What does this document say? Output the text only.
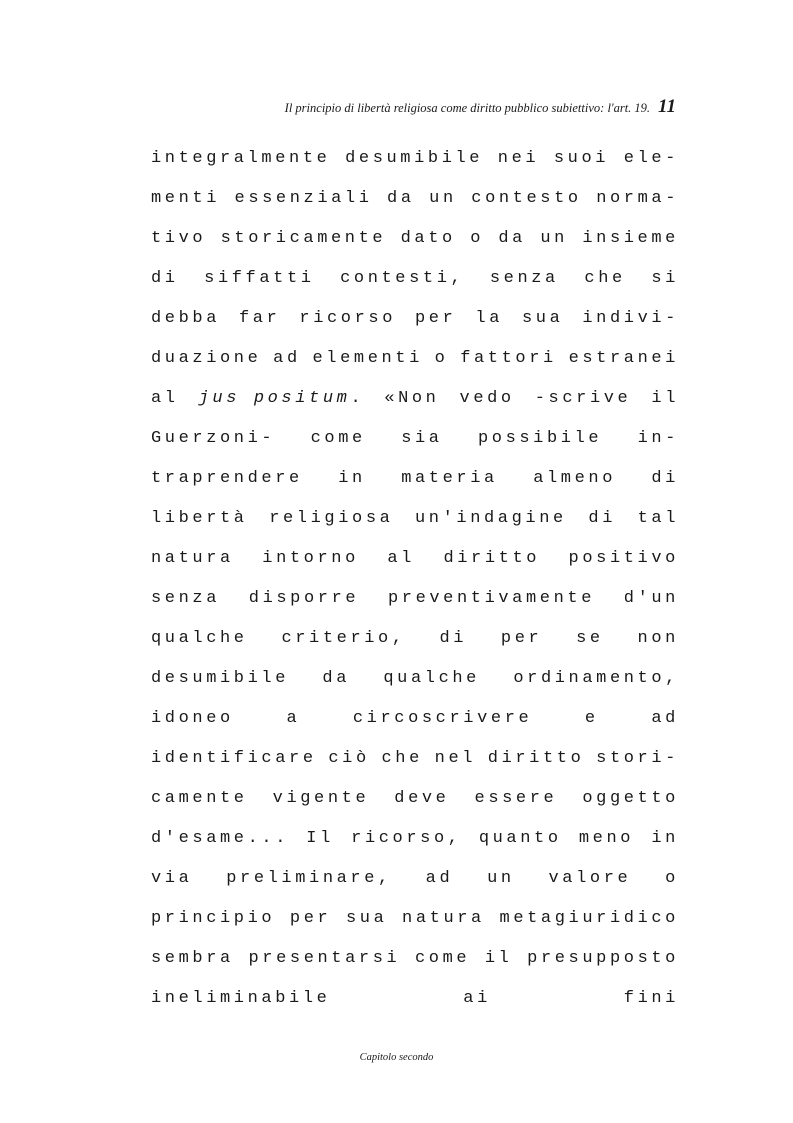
Il principio di libertà religiosa come diritto pubblico subiettivo: l'art. 19. 11
integralmente desumibile nei suoi ele-
menti essenziali da un contesto norma-
tivo storicamente dato o da un insieme
di siffatti contesti, senza che si
debba far ricorso per la sua indivi-
duazione ad elementi o fattori estranei
al jus positum. «Non vedo -scrive il
Guerzoni- come sia possibile in-
traprendere in materia almeno di
libertà religiosa un'indagine di tal
natura intorno al diritto positivo
senza disporre preventivamente d'un
qualche criterio, di per se non
desumibile da qualche ordinamento,
idoneo	a	circoscrivere	e	ad
identificare ciò che nel diritto stori-
camente vigente deve essere oggetto
d'esame... Il ricorso, quanto meno in
via preliminare, ad un valore o
principio per sua natura metagiuridico
sembra presentarsi come il presupposto
ineliminabile	ai	fini
Capitolo secondo
